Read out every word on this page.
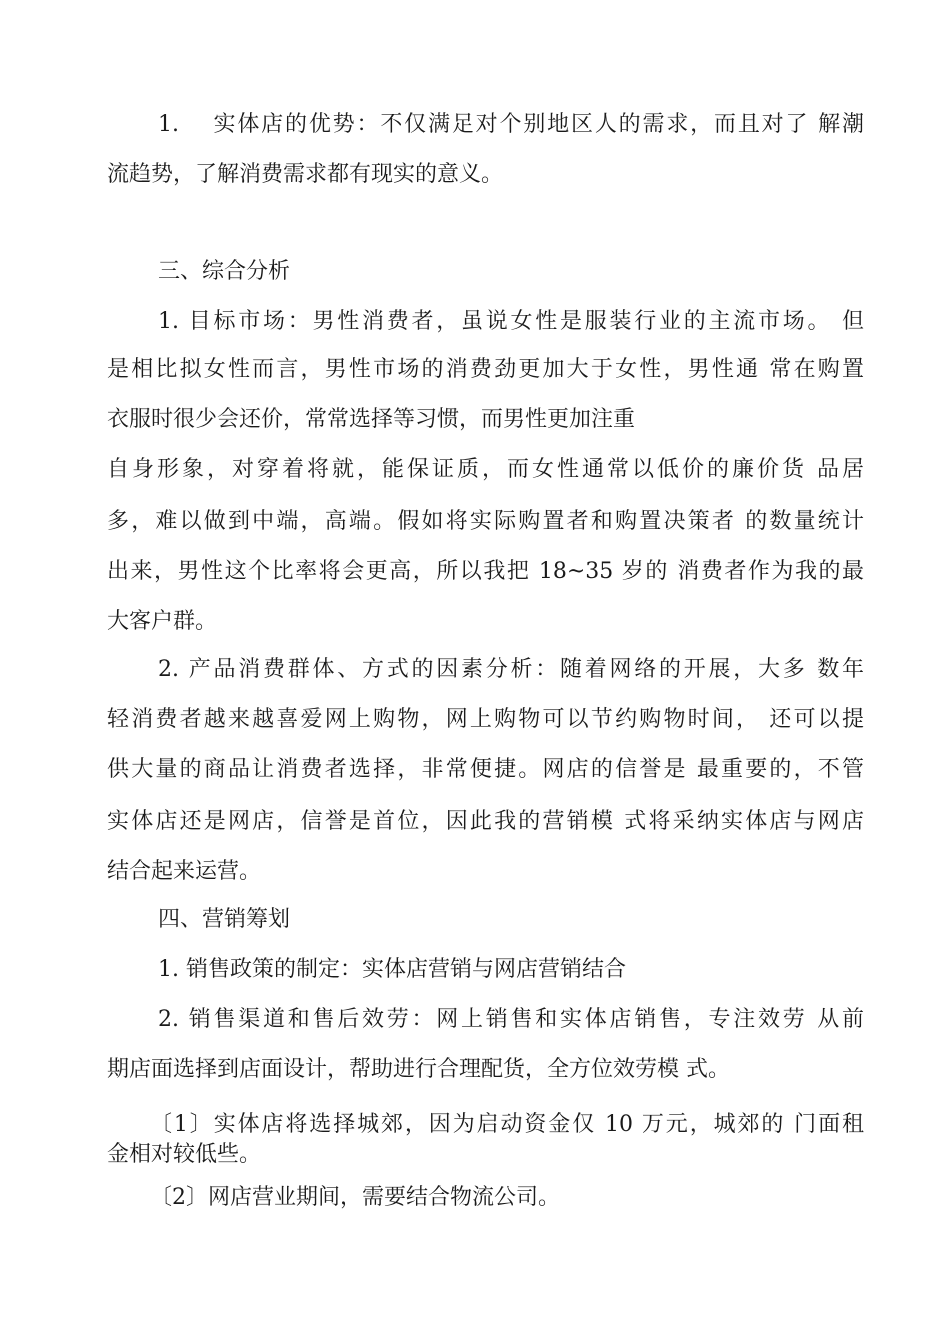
1.　 实体店的优势：不仅满足对个别地区人的需求，而且对了 解潮
流趋势，了解消费需求都有现实的意义。
三、综合分析
1. 目标市场：男性消费者，虽说女性是服装行业的主流市场。 但
是相比拟女性而言，男性市场的消费劲更加大于女性，男性通 常在购置
衣服时很少会还价，常常选择等习惯，而男性更加注重
自身形象，对穿着将就，能保证质，而女性通常以低价的廉价货 品居
多，难以做到中端，高端。假如将实际购置者和购置决策者 的数量统计
出来，男性这个比率将会更高，所以我把 18~35 岁的 消费者作为我的最
大客户群。
2. 产品消费群体、方式的因素分析：随着网络的开展，大多 数年
轻消费者越来越喜爱网上购物，网上购物可以节约购物时间， 还可以提
供大量的商品让消费者选择，非常便捷。网店的信誉是 最重要的，不管
实体店还是网店，信誉是首位，因此我的营销模 式将采纳实体店与网店
结合起来运营。
四、营销筹划
1. 销售政策的制定：实体店营销与网店营销结合
2. 销售渠道和售后效劳：网上销售和实体店销售，专注效劳 从前
期店面选择到店面设计，帮助进行合理配货，全方位效劳模 式。
〔1〕实体店将选择城郊，因为启动资金仅 10 万元，城郊的 门面租
金相对较低些。
〔2〕网店营业期间，需要结合物流公司。
